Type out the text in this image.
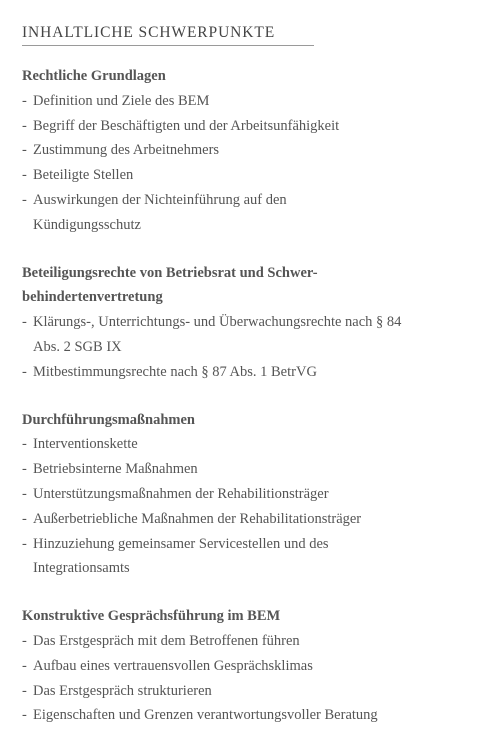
INHALTLICHE SCHWERPUNKTE
Rechtliche Grundlagen
- Definition und Ziele des BEM
- Begriff der Beschäftigten und der Arbeitsunfähigkeit
- Zustimmung des Arbeitnehmers
- Beteiligte Stellen
- Auswirkungen der Nichteinführung auf den Kündigungsschutz
Beteiligungsrechte von Betriebsrat und Schwer-
behindertenvertretung
- Klärungs-, Unterrichtungs- und Überwachungsrechte nach § 84 Abs. 2 SGB IX
- Mitbestimmungsrechte nach § 87 Abs. 1 BetrVG
Durchführungsmaßnahmen
- Interventionskette
- Betriebsinterne Maßnahmen
- Unterstützungsmaßnahmen der Rehabilitionsträger
- Außerbetriebliche Maßnahmen der Rehabilitationsträger
- Hinzuziehung gemeinsamer Servicestellen und des Integrationsamts
Konstruktive Gesprächsführung im BEM
- Das Erstgespräch mit dem Betroffenen führen
- Aufbau eines vertrauensvollen Gesprächsklimas
- Das Erstgespräch strukturieren
- Eigenschaften und Grenzen verantwortungsvoller Beratung
